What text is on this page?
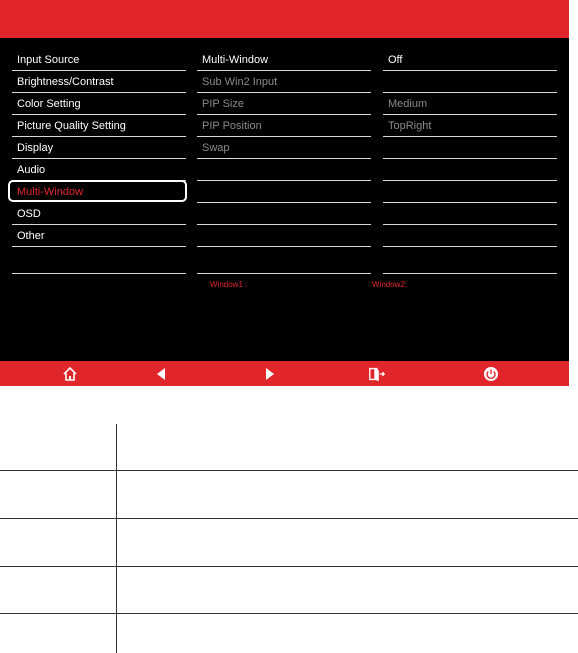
Input Source
Brightness/Contrast
Color Setting
Picture Quality Setting
Display
Audio
Multi-Window
OSD
Other
Multi-Window
Sub Win2 Input
PIP Size
PIP Position
Swap
Off
Medium
TopRight
Window1 :	Window2:
